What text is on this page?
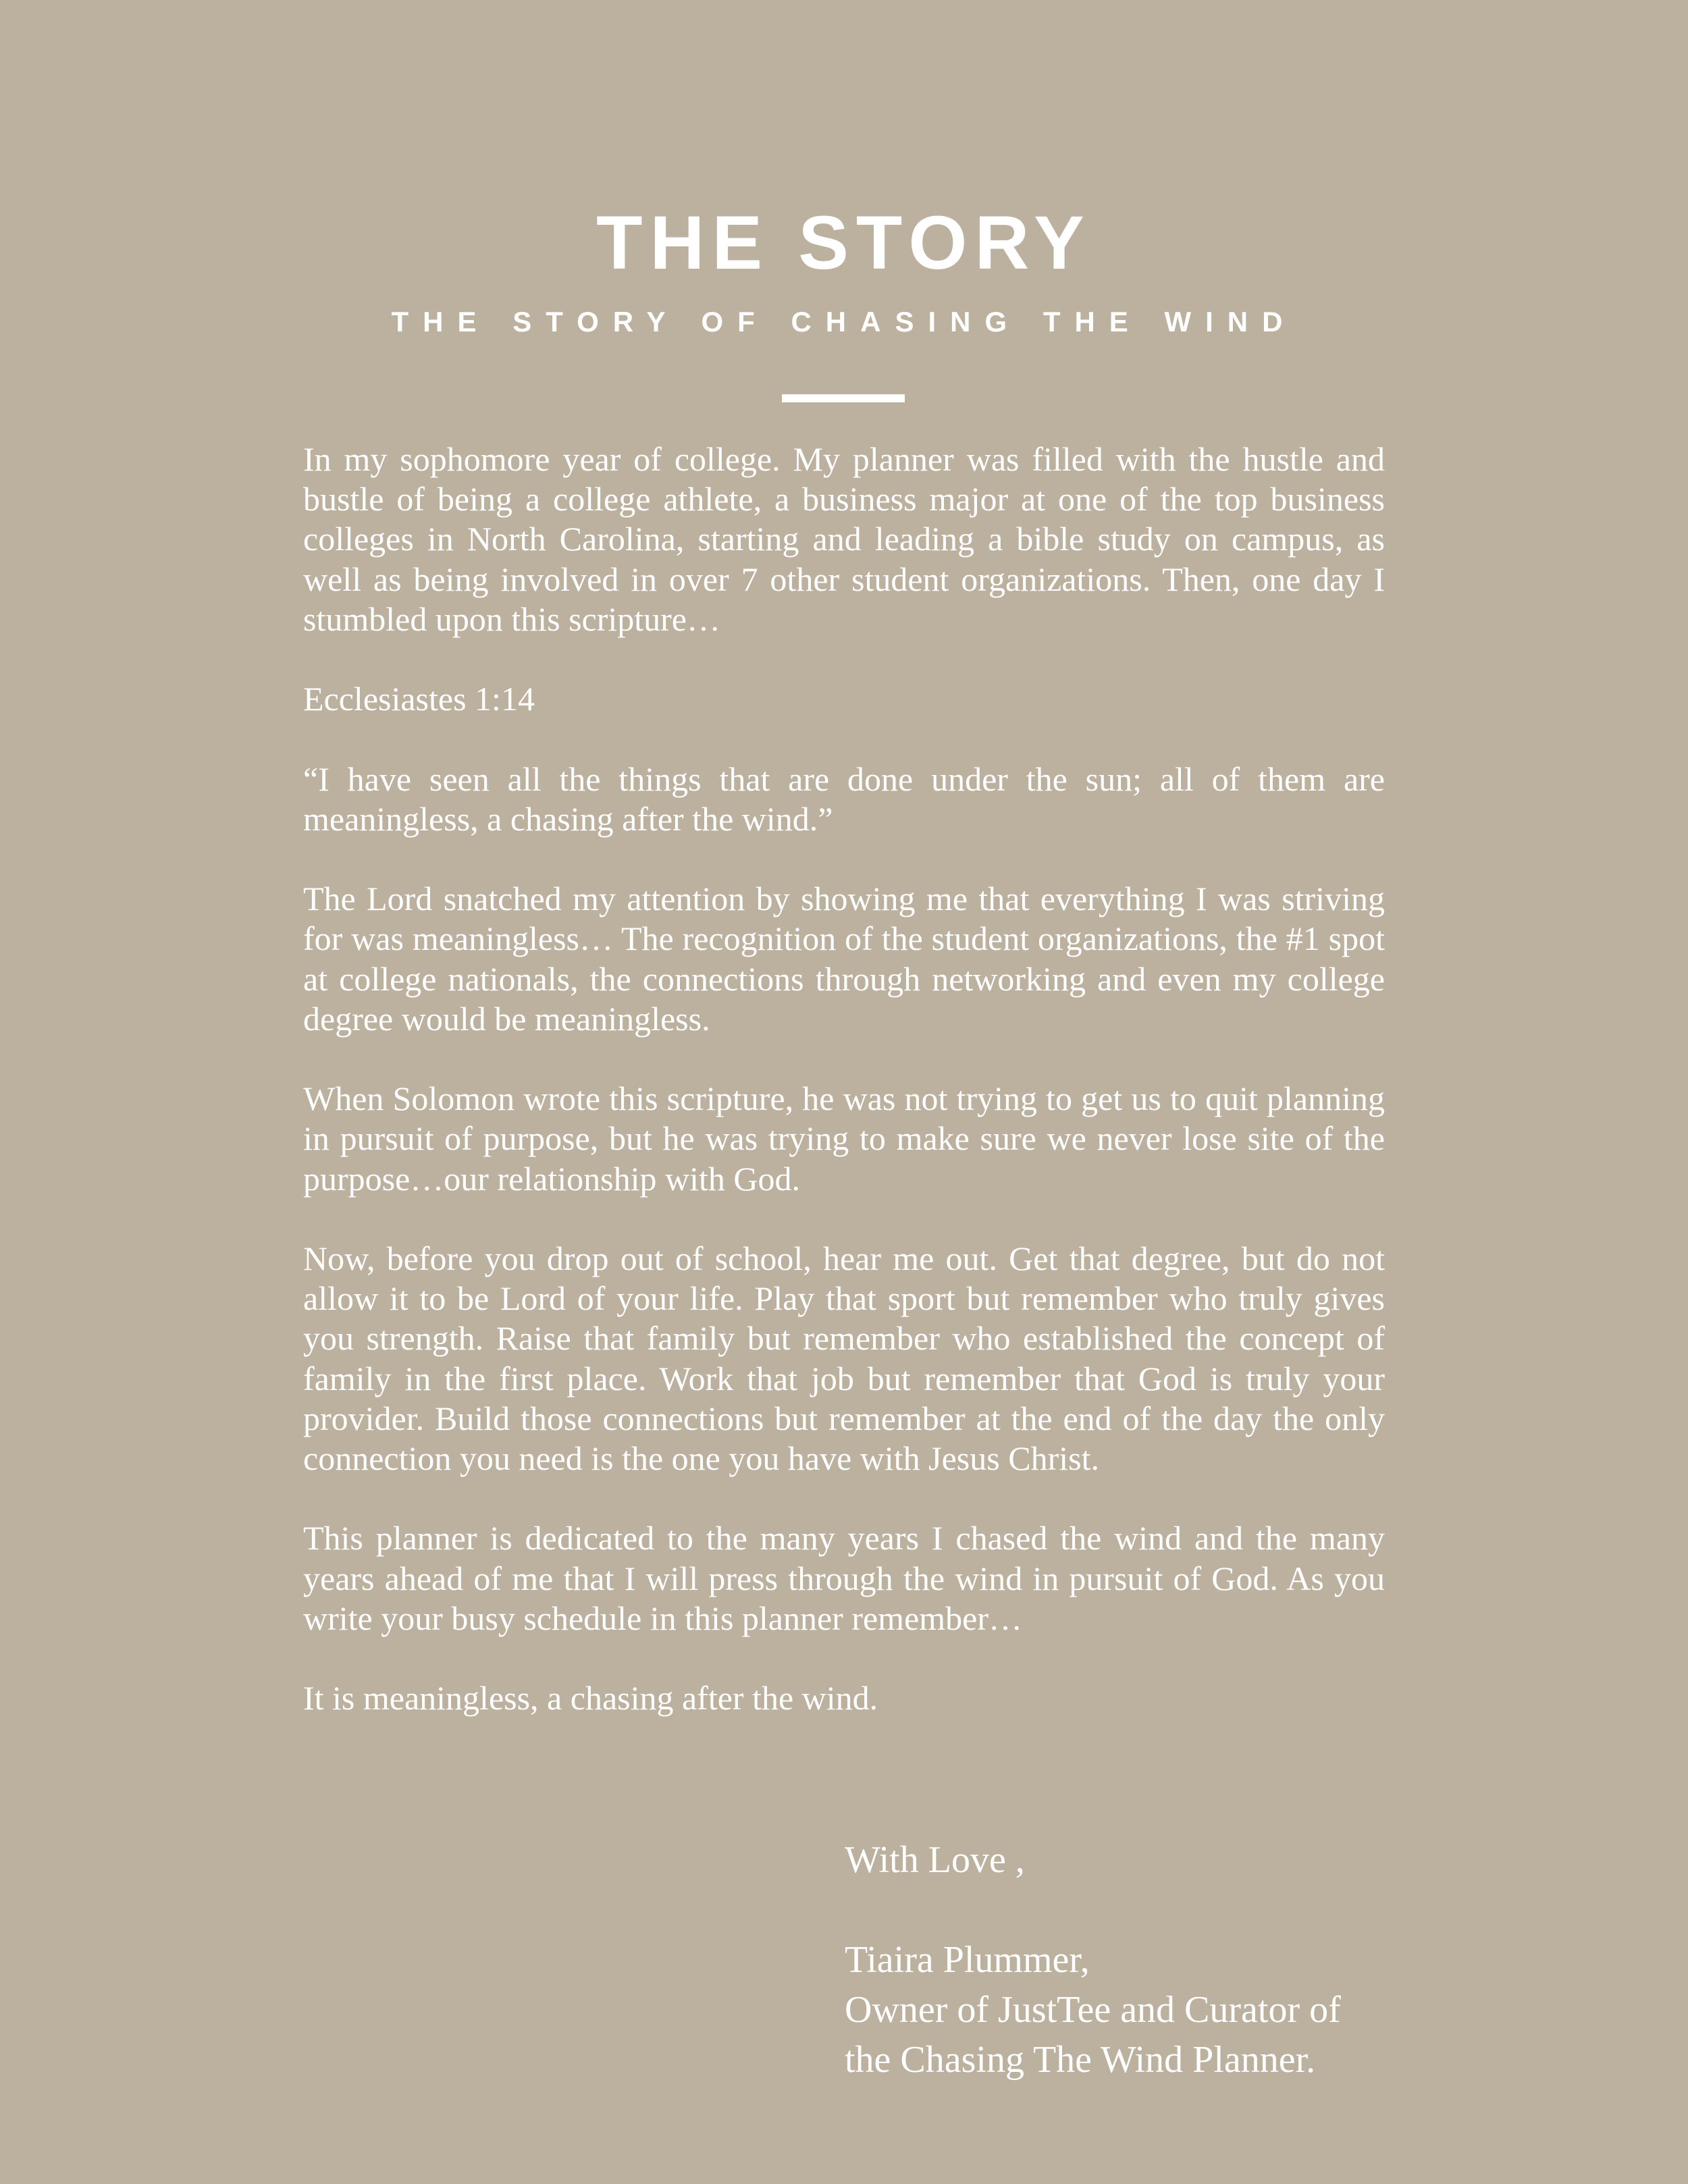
THE STORY
THE STORY OF CHASING THE WIND

In my sophomore year of college. My planner was filled with the hustle and bustle of being a college athlete, a business major at one of the top business colleges in North Carolina, starting and leading a bible study on campus, as well as being involved in over 7 other student organizations. Then, one day I stumbled upon this scripture…

Ecclesiastes 1:14

“I have seen all the things that are done under the sun; all of them are meaningless, a chasing after the wind.”

The Lord snatched my attention by showing me that everything I was striving for was meaningless… The recognition of the student organizations, the #1 spot at college nationals, the connections through networking and even my college degree would be meaningless.

When Solomon wrote this scripture, he was not trying to get us to quit planning in pursuit of purpose, but he was trying to make sure we never lose site of the purpose…our relationship with God.

Now, before you drop out of school, hear me out. Get that degree, but do not allow it to be Lord of your life. Play that sport but remember who truly gives you strength. Raise that family but remember who established the concept of family in the first place. Work that job but remember that God is truly your provider. Build those connections but remember at the end of the day the only connection you need is the one you have with Jesus Christ.

This planner is dedicated to the many years I chased the wind and the many years ahead of me that I will press through the wind in pursuit of God. As you write your busy schedule in this planner remember…

It is meaningless, a chasing after the wind.

With Love ,
Tiaira Plummer,
Owner of JustTee and Curator of
the Chasing The Wind Planner.
